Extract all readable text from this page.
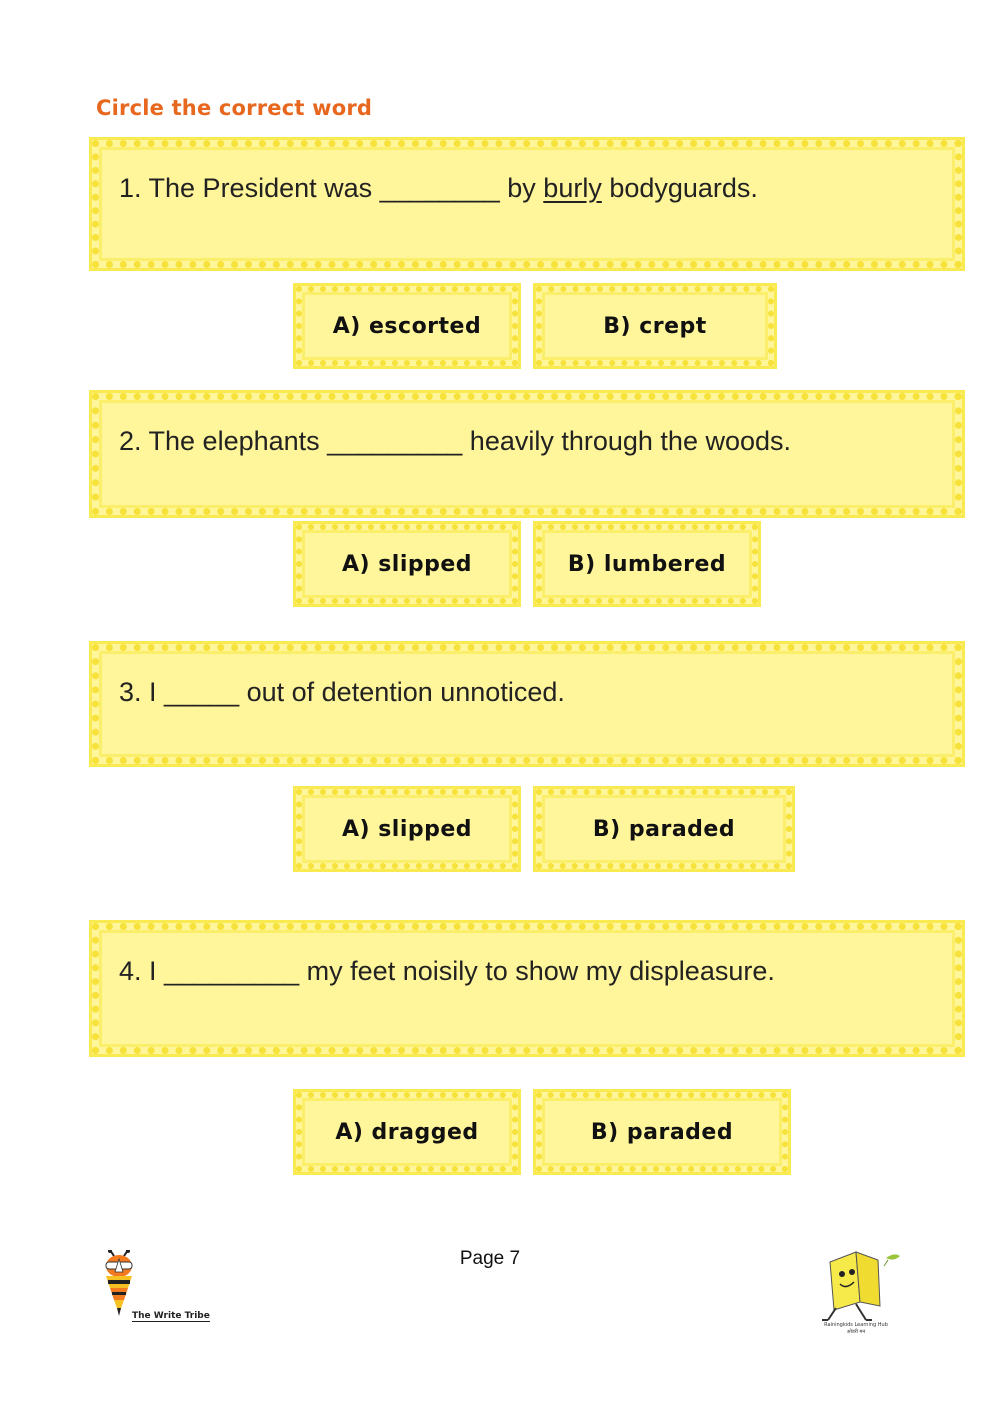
Circle the correct word
1. The President was ________ by burly bodyguards.
A) escorted	B) crept
2. The elephants _________ heavily through the woods.
A) slipped	B) lumbered
3. I _____ out of detention unnoticed.
A) slipped	B) paraded
4. I _________ my feet noisily to show my displeasure.
A) dragged	B) paraded
Page 7
The Write Tribe
Rainingkids Learning Hub
ओवरी मन
